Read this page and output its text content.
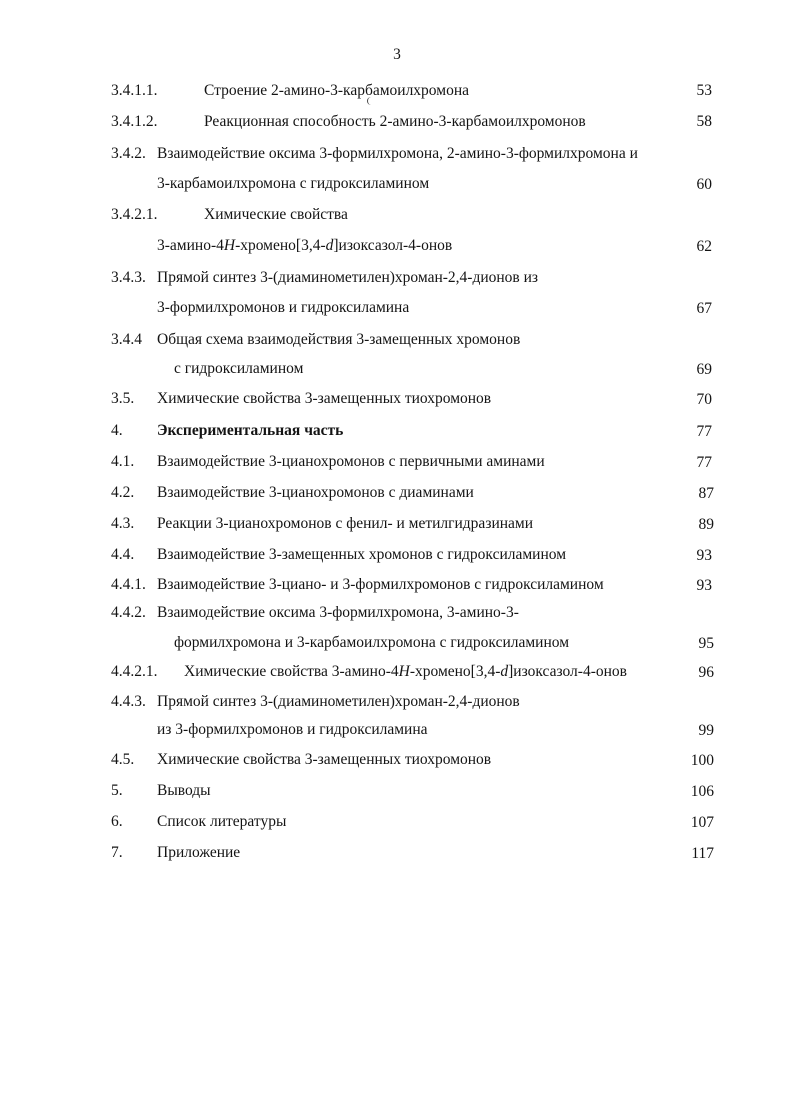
3
3.4.1.1.	Строение 2-амино-3-карбамоилхромона	53
3.4.1.2.	Реакционная способность 2-амино-3-карбамоилхромонов	58
3.4.2. Взаимодействие оксима 3-формилхромона, 2-амино-3-формилхромона и
3-карбамоилхромона с гидроксиламином	60
3.4.2.1.	Химические свойства
3-амино-4H-хромено[3,4-d]изоксазол-4-онов	62
3.4.3. Прямой синтез 3-(диаминометилен)хроман-2,4-дионов из
3-формилхромонов и гидроксиламина	67
3.4.4 Общая схема взаимодействия 3-замещенных хромонов
с гидроксиламином	69
3.5. Химические свойства 3-замещенных тиохромонов	70
4. Экспериментальная часть	77
4.1. Взаимодействие 3-цианохромонов с первичными аминами	77
4.2. Взаимодействие 3-цианохромонов с диаминами	87
4.3. Реакции 3-цианохромонов с фенил- и метилгидразинами	89
4.4. Взаимодействие 3-замещенных хромонов с гидроксиламином	93
4.4.1. Взаимодействие 3-циано- и 3-формилхромонов с гидроксиламином	93
4.4.2. Взаимодействие оксима 3-формилхромона, 3-амино-3-
формилхромона и 3-карбамоилхромона с гидроксиламином	95
4.4.2.1. Химические свойства 3-амино-4H-хромено[3,4-d]изоксазол-4-онов	96
4.4.3. Прямой синтез 3-(диаминометилен)хроман-2,4-дионов
из 3-формилхромонов и гидроксиламина	99
4.5. Химические свойства 3-замещенных тиохромонов	100
5. Выводы	106
6. Список литературы	107
7. Приложение	117
